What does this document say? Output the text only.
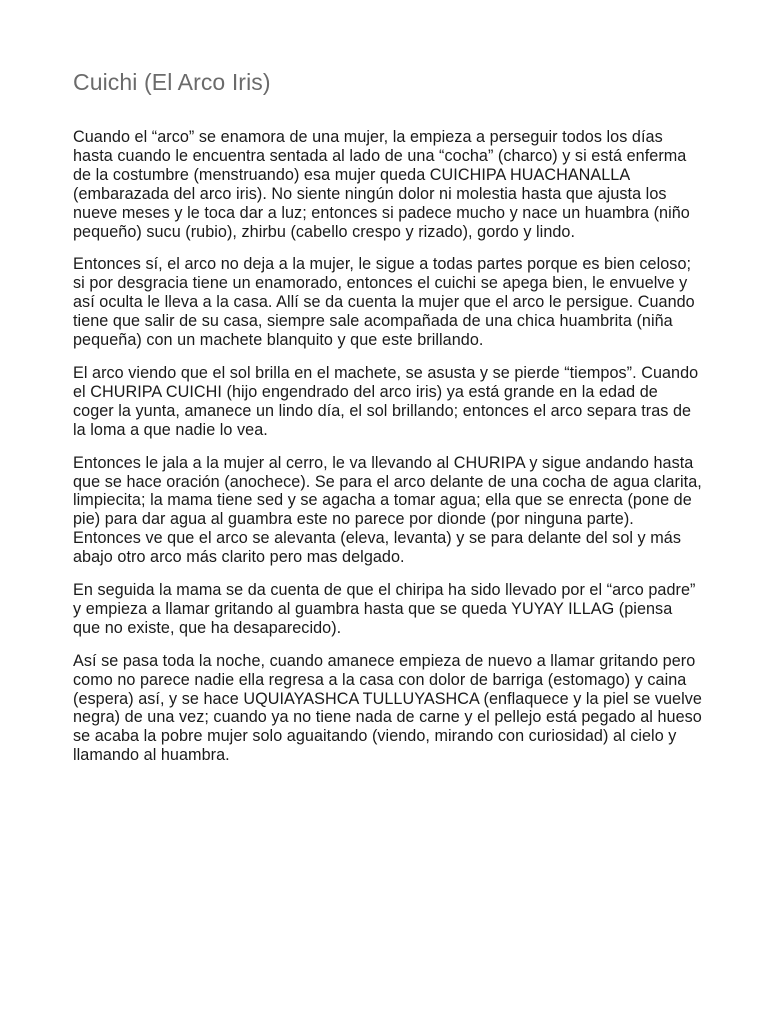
Cuichi (El Arco Iris)

Cuando el “arco” se enamora de una mujer, la empieza a perseguir todos los días hasta cuando le encuentra sentada al lado de una “cocha” (charco) y si está enferma de la costumbre (menstruando) esa mujer queda CUICHIPA HUACHANALLA (embarazada del arco iris). No siente ningún dolor ni molestia hasta que ajusta los nueve meses y le toca dar a luz; entonces si padece mucho y nace un huambra (niño pequeño) sucu (rubio), zhirbu (cabello crespo y rizado), gordo y lindo.

Entonces sí, el arco no deja a la mujer, le sigue a todas partes porque es bien celoso; si por desgracia tiene un enamorado, entonces el cuichi se apega bien, le envuelve y así oculta le lleva a la casa. Allí se da cuenta la mujer que el arco le persigue. Cuando tiene que salir de su casa, siempre sale acompañada de una chica huambrita (niña pequeña) con un machete blanquito y que este brillando.

El arco viendo que el sol brilla en el machete, se asusta y se pierde “tiempos”. Cuando el CHURIPA CUICHI (hijo engendrado del arco iris) ya está grande en la edad de coger la yunta, amanece un lindo día, el sol brillando; entonces el arco separa tras de la loma a que nadie lo vea.

Entonces le jala a la mujer al cerro, le va llevando al CHURIPA y sigue andando hasta que se hace oración (anochece). Se para el arco delante de una cocha de agua clarita, limpiecita; la mama tiene sed y se agacha a tomar agua; ella que se enrecta (pone de pie) para dar agua al guambra este no parece por dionde (por ninguna parte). Entonces ve que el arco se alevanta (eleva, levanta) y se para delante del sol y más abajo otro arco más clarito pero mas delgado.

En seguida la mama se da cuenta de que el chiripa ha sido llevado por el “arco padre” y empieza a llamar gritando al guambra hasta que se queda YUYAY ILLAG (piensa que no existe, que ha desaparecido).

Así se pasa toda la noche, cuando amanece empieza de nuevo a llamar gritando pero como no parece nadie ella regresa a la casa con dolor de barriga (estomago) y caina (espera) así, y se hace UQUIAYASHCA TULLUYASHCA (enflaquece y la piel se vuelve negra) de una vez; cuando ya no tiene nada de carne y el pellejo está pegado al hueso se acaba la pobre mujer solo aguaitando (viendo, mirando con curiosidad) al cielo y llamando al huambra.
